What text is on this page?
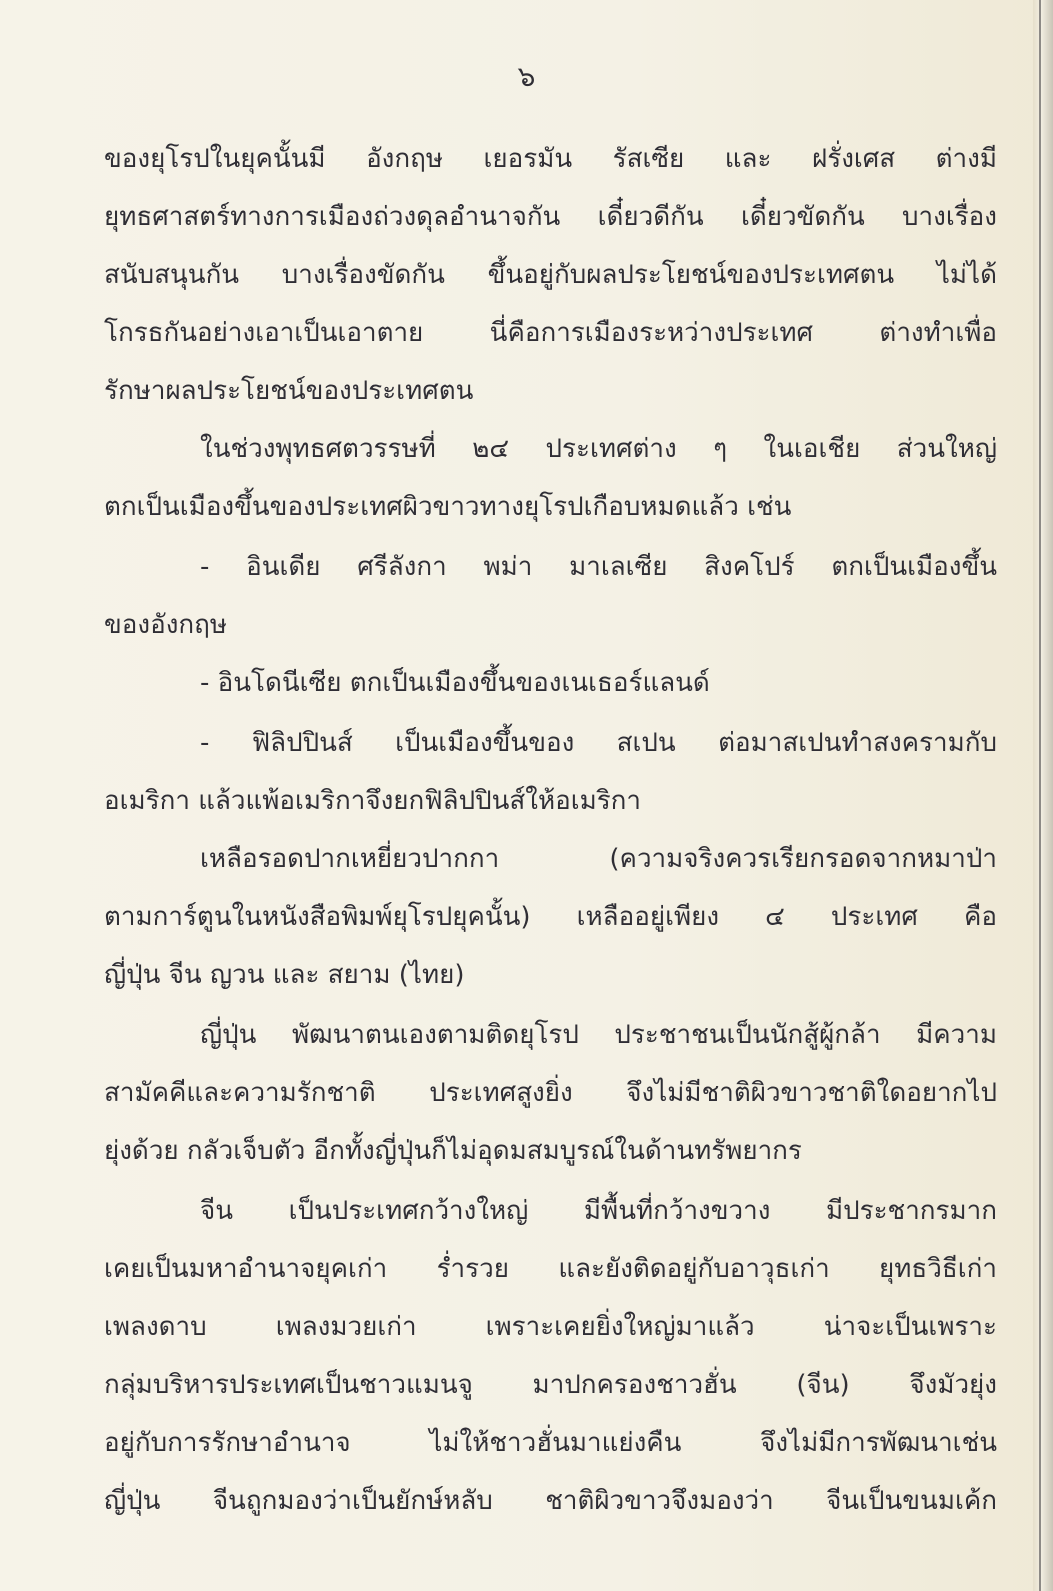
๖
ของยุโรปในยุคนั้นมี อังกฤษ เยอรมัน รัสเซีย และ ฝรั่งเศส ต่างมี
ยุทธศาสตร์ทางการเมืองถ่วงดุลอำนาจกัน เดี๋ยวดีกัน เดี๋ยวขัดกัน บางเรื่อง
สนับสนุนกัน บางเรื่องขัดกัน ขึ้นอยู่กับผลประโยชน์ของประเทศตน ไม่ได้
โกรธกันอย่างเอาเป็นเอาตาย นี่คือการเมืองระหว่างประเทศ ต่างทำเพื่อ
รักษาผลประโยชน์ของประเทศตน
ในช่วงพุทธศตวรรษที่ ๒๔ ประเทศต่าง ๆ ในเอเชีย ส่วนใหญ่
ตกเป็นเมืองขึ้นของประเทศผิวขาวทางยุโรปเกือบหมดแล้ว เช่น
- อินเดีย ศรีลังกา พม่า มาเลเซีย สิงคโปร์ ตกเป็นเมืองขึ้น
ของอังกฤษ
- อินโดนีเซีย ตกเป็นเมืองขึ้นของเนเธอร์แลนด์
- ฟิลิปปินส์ เป็นเมืองขึ้นของ สเปน ต่อมาสเปนทำสงครามกับ
อเมริกา แล้วแพ้อเมริกาจึงยกฟิลิปปินส์ให้อเมริกา
เหลือรอดปากเหยี่ยวปากกา (ความจริงควรเรียกรอดจากหมาป่า
ตามการ์ตูนในหนังสือพิมพ์ยุโรปยุคนั้น) เหลืออยู่เพียง ๔ ประเทศ คือ
ญี่ปุ่น จีน ญวน และ สยาม (ไทย)
ญี่ปุ่น พัฒนาตนเองตามติดยุโรป ประชาชนเป็นนักสู้ผู้กล้า มีความ
สามัคคีและความรักชาติ ประเทศสูงยิ่ง จึงไม่มีชาติผิวขาวชาติใดอยากไป
ยุ่งด้วย กลัวเจ็บตัว อีกทั้งญี่ปุ่นก็ไม่อุดมสมบูรณ์ในด้านทรัพยากร
จีน เป็นประเทศกว้างใหญ่ มีพื้นที่กว้างขวาง มีประชากรมาก
เคยเป็นมหาอำนาจยุคเก่า ร่ำรวย และยังติดอยู่กับอาวุธเก่า ยุทธวิธีเก่า
เพลงดาบ เพลงมวยเก่า เพราะเคยยิ่งใหญ่มาแล้ว น่าจะเป็นเพราะ
กลุ่มบริหารประเทศเป็นชาวแมนจู มาปกครองชาวฮั่น (จีน) จึงมัวยุ่ง
อยู่กับการรักษาอำนาจ ไม่ให้ชาวฮั่นมาแย่งคืน จึงไม่มีการพัฒนาเช่น
ญี่ปุ่น จีนถูกมองว่าเป็นยักษ์หลับ ชาติผิวขาวจึงมองว่า จีนเป็นขนมเค้ก
